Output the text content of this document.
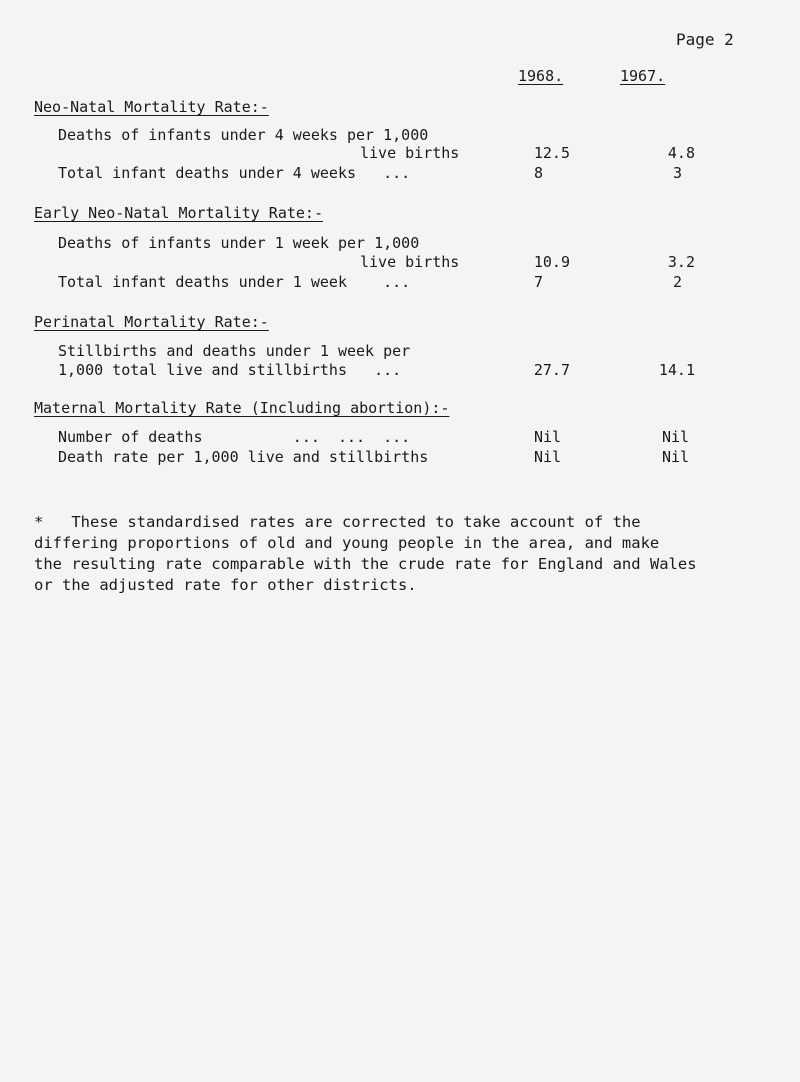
Page 2
1968.	1967.
Neo-Natal Mortality Rate:-
Deaths of infants under 4 weeks per 1,000
live births	12.5	4.8
Total infant deaths under 4 weeks   ...	8	3
Early Neo-Natal Mortality Rate:-
Deaths of infants under 1 week per 1,000
live births	10.9	3.2
Total infant deaths under 1 week    ...	7	2
Perinatal Mortality Rate:-
Stillbirths and deaths under 1 week per
1,000 total live and stillbirths   ...	27.7	14.1
Maternal Mortality Rate (Including abortion):-
Number of deaths          ...  ...  ...	Nil	Nil
Death rate per 1,000 live and stillbirths	Nil	Nil
*   These standardised rates are corrected to take account of the
differing proportions of old and young people in the area, and make
the resulting rate comparable with the crude rate for England and Wales
or the adjusted rate for other districts.
